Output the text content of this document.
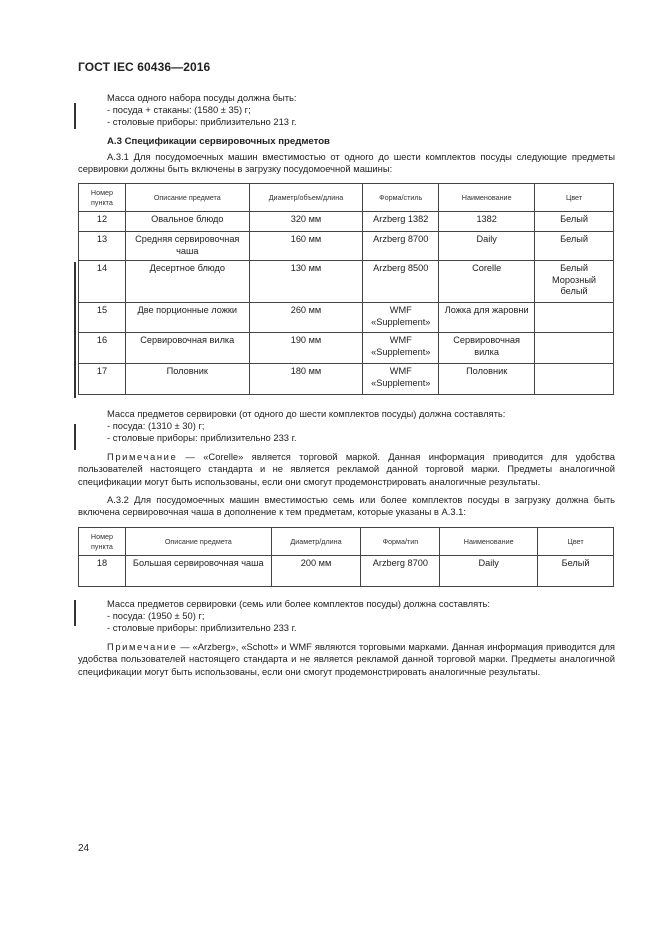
ГОСТ IEC 60436—2016
Масса одного набора посуды должна быть:
- посуда + стаканы: (1580 ± 35) г;
- столовые приборы: приблизительно 213 г.
А.3 Спецификации сервировочных предметов
А.3.1 Для посудомоечных машин вместимостью от одного до шести комплектов посуды следующие предметы сервировки должны быть включены в загрузку посудомоечной машины:
Номер пункта	Описание предмета	Диаметр/объем/длина	Форма/стиль	Наименование	Цвет
12	Овальное блюдо	320 мм	Arzberg 1382	1382	Белый
13	Средняя сервировочная чаша	160 мм	Arzberg 8700	Daily	Белый
14	Десертное блюдо	130 мм	Arzberg 8500	Corelle	Белый Морозный белый
15	Две порционные ложки	260 мм	WMF «Supplement»	Ложка для жаровни	
16	Сервировочная вилка	190 мм	WMF «Supplement»	Сервировочная вилка	
17	Половник	180 мм	WMF «Supplement»	Половник	
Масса предметов сервировки (от одного до шести комплектов посуды) должна составлять:
- посуда: (1310 ± 30) г;
- столовые приборы: приблизительно 233 г.
Примечание — «Corelle» является торговой маркой. Данная информация приводится для удобства пользователей настоящего стандарта и не является рекламой данной торговой марки. Предметы аналогичной спецификации могут быть использованы, если они смогут продемонстрировать аналогичные результаты.
А.3.2 Для посудомоечных машин вместимостью семь или более комплектов посуды в загрузку должна быть включена сервировочная чаша в дополнение к тем предметам, которые указаны в А.3.1:
Номер пункта	Описание предмета	Диаметр/длина	Форма/тип	Наименование	Цвет
18	Большая сервировочная чаша	200 мм	Arzberg 8700	Daily	Белый
Масса предметов сервировки (семь или более комплектов посуды) должна составлять:
- посуда: (1950 ± 50) г;
- столовые приборы: приблизительно 233 г.
Примечание — «Arzberg», «Schott» и WMF являются торговыми марками. Данная информация приводится для удобства пользователей настоящего стандарта и не является рекламой данной торговой марки. Предметы аналогичной спецификации могут быть использованы, если они смогут продемонстрировать аналогичные результаты.
24
